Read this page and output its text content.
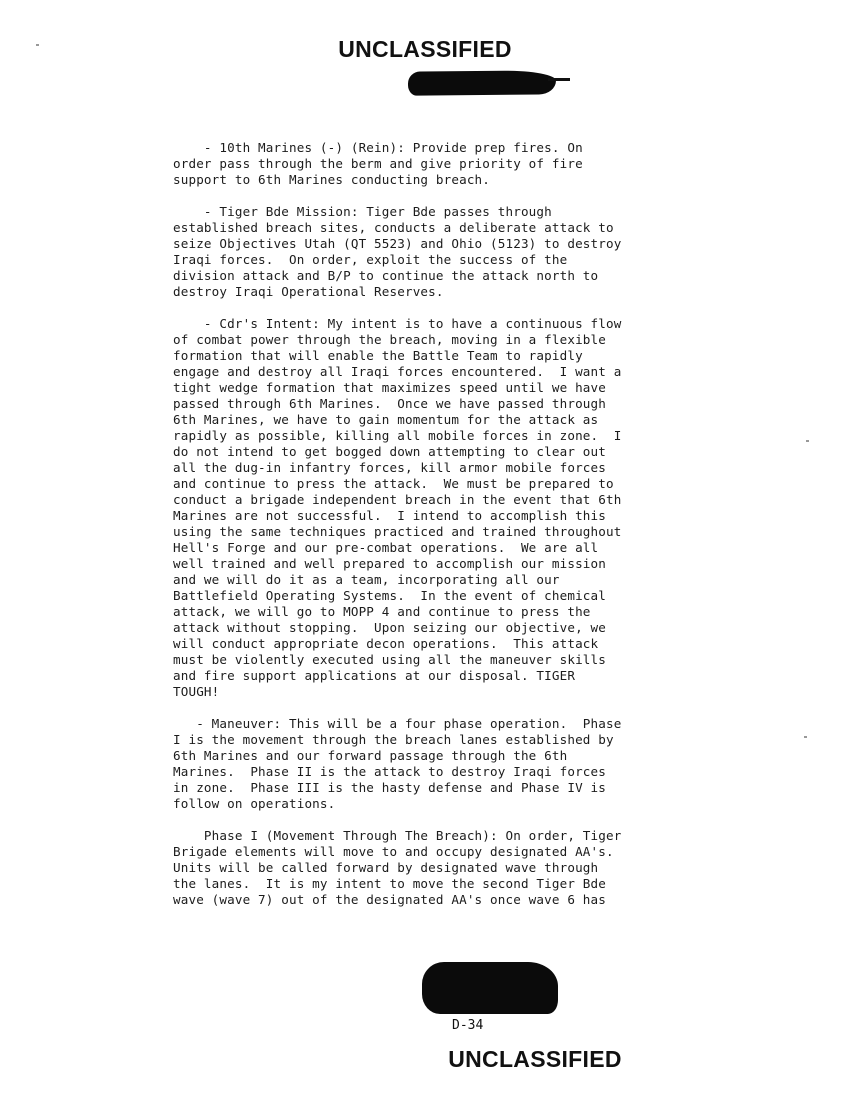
UNCLASSIFIED
- 10th Marines (-) (Rein): Provide prep fires. On
order pass through the berm and give priority of fire
support to 6th Marines conducting breach.
- Tiger Bde Mission: Tiger Bde passes through
established breach sites, conducts a deliberate attack to
seize Objectives Utah (QT 5523) and Ohio (5123) to destroy
Iraqi forces.  On order, exploit the success of the
division attack and B/P to continue the attack north to
destroy Iraqi Operational Reserves.
- Cdr's Intent: My intent is to have a continuous flow
of combat power through the breach, moving in a flexible
formation that will enable the Battle Team to rapidly
engage and destroy all Iraqi forces encountered.  I want a
tight wedge formation that maximizes speed until we have
passed through 6th Marines.  Once we have passed through
6th Marines, we have to gain momentum for the attack as
rapidly as possible, killing all mobile forces in zone.  I
do not intend to get bogged down attempting to clear out
all the dug-in infantry forces, kill armor mobile forces
and continue to press the attack.  We must be prepared to
conduct a brigade independent breach in the event that 6th
Marines are not successful.  I intend to accomplish this
using the same techniques practiced and trained throughout
Hell's Forge and our pre-combat operations.  We are all
well trained and well prepared to accomplish our mission
and we will do it as a team, incorporating all our
Battlefield Operating Systems.  In the event of chemical
attack, we will go to MOPP 4 and continue to press the
attack without stopping.  Upon seizing our objective, we
will conduct appropriate decon operations.  This attack
must be violently executed using all the maneuver skills
and fire support applications at our disposal. TIGER
TOUGH!
- Maneuver: This will be a four phase operation.  Phase
I is the movement through the breach lanes established by
6th Marines and our forward passage through the 6th
Marines.  Phase II is the attack to destroy Iraqi forces
in zone.  Phase III is the hasty defense and Phase IV is
follow on operations.
Phase I (Movement Through The Breach): On order, Tiger
Brigade elements will move to and occupy designated AA's.
Units will be called forward by designated wave through
the lanes.  It is my intent to move the second Tiger Bde
wave (wave 7) out of the designated AA's once wave 6 has
D-34
UNCLASSIFIED
